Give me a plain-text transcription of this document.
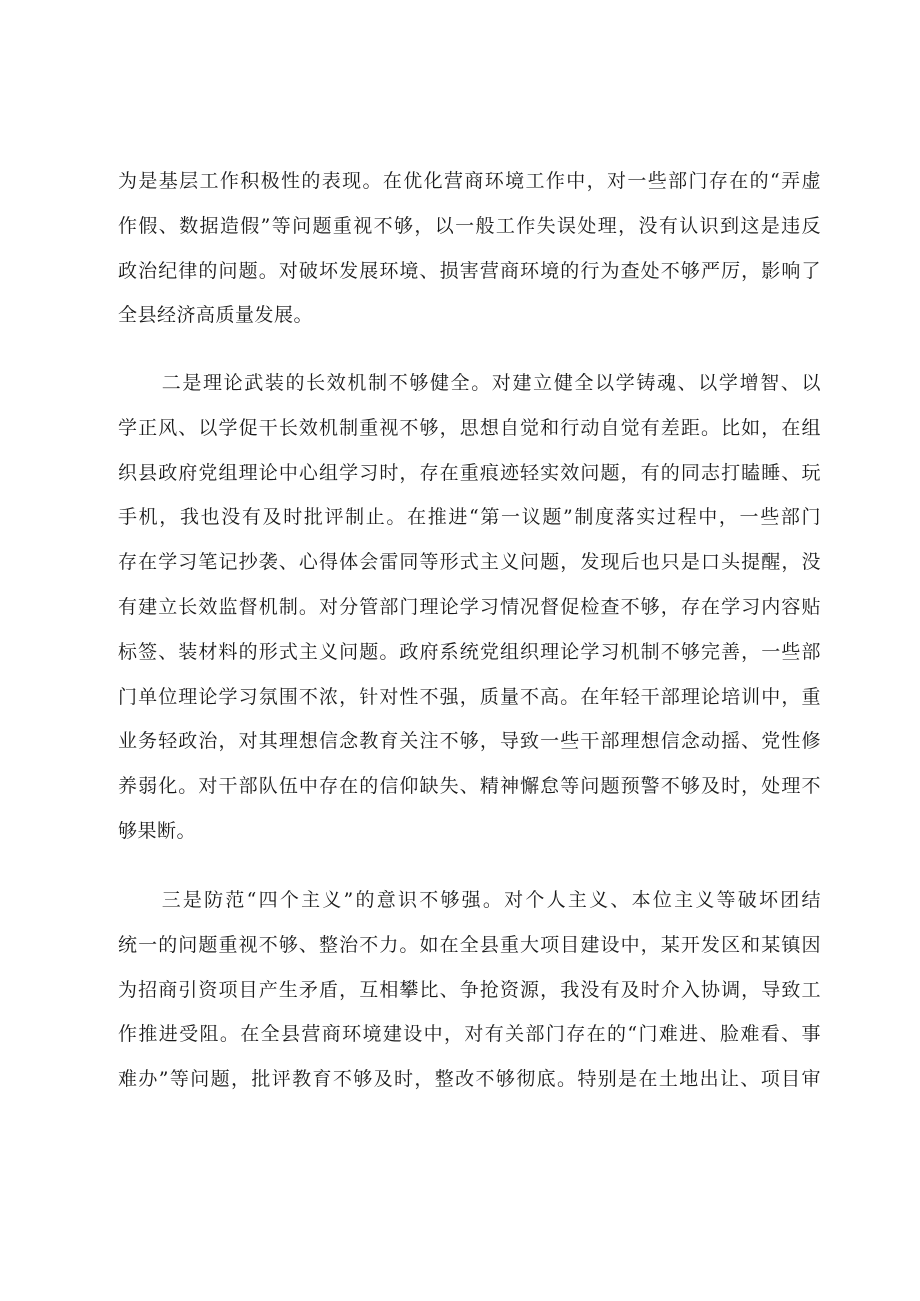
为是基层工作积极性的表现。在优化营商环境工作中，对一些部门存在的“弄虚
作假、数据造假”等问题重视不够，以一般工作失误处理，没有认识到这是违反
政治纪律的问题。对破坏发展环境、损害营商环境的行为查处不够严厉，影响了
全县经济高质量发展。
二是理论武装的长效机制不够健全。对建立健全以学铸魂、以学增智、以
学正风、以学促干长效机制重视不够，思想自觉和行动自觉有差距。比如，在组
织县政府党组理论中心组学习时，存在重痕迹轻实效问题，有的同志打瞌睡、玩
手机，我也没有及时批评制止。在推进“第一议题”制度落实过程中，一些部门
存在学习笔记抄袭、心得体会雷同等形式主义问题，发现后也只是口头提醒，没
有建立长效监督机制。对分管部门理论学习情况督促检查不够，存在学习内容贴
标签、装材料的形式主义问题。政府系统党组织理论学习机制不够完善，一些部
门单位理论学习氛围不浓，针对性不强，质量不高。在年轻干部理论培训中，重
业务轻政治，对其理想信念教育关注不够，导致一些干部理想信念动摇、党性修
养弱化。对干部队伍中存在的信仰缺失、精神懈怠等问题预警不够及时，处理不
够果断。
三是防范“四个主义”的意识不够强。对个人主义、本位主义等破坏团结
统一的问题重视不够、整治不力。如在全县重大项目建设中，某开发区和某镇因
为招商引资项目产生矛盾，互相攀比、争抢资源，我没有及时介入协调，导致工
作推进受阻。在全县营商环境建设中，对有关部门存在的“门难进、脸难看、事
难办”等问题，批评教育不够及时，整改不够彻底。特别是在土地出让、项目审
